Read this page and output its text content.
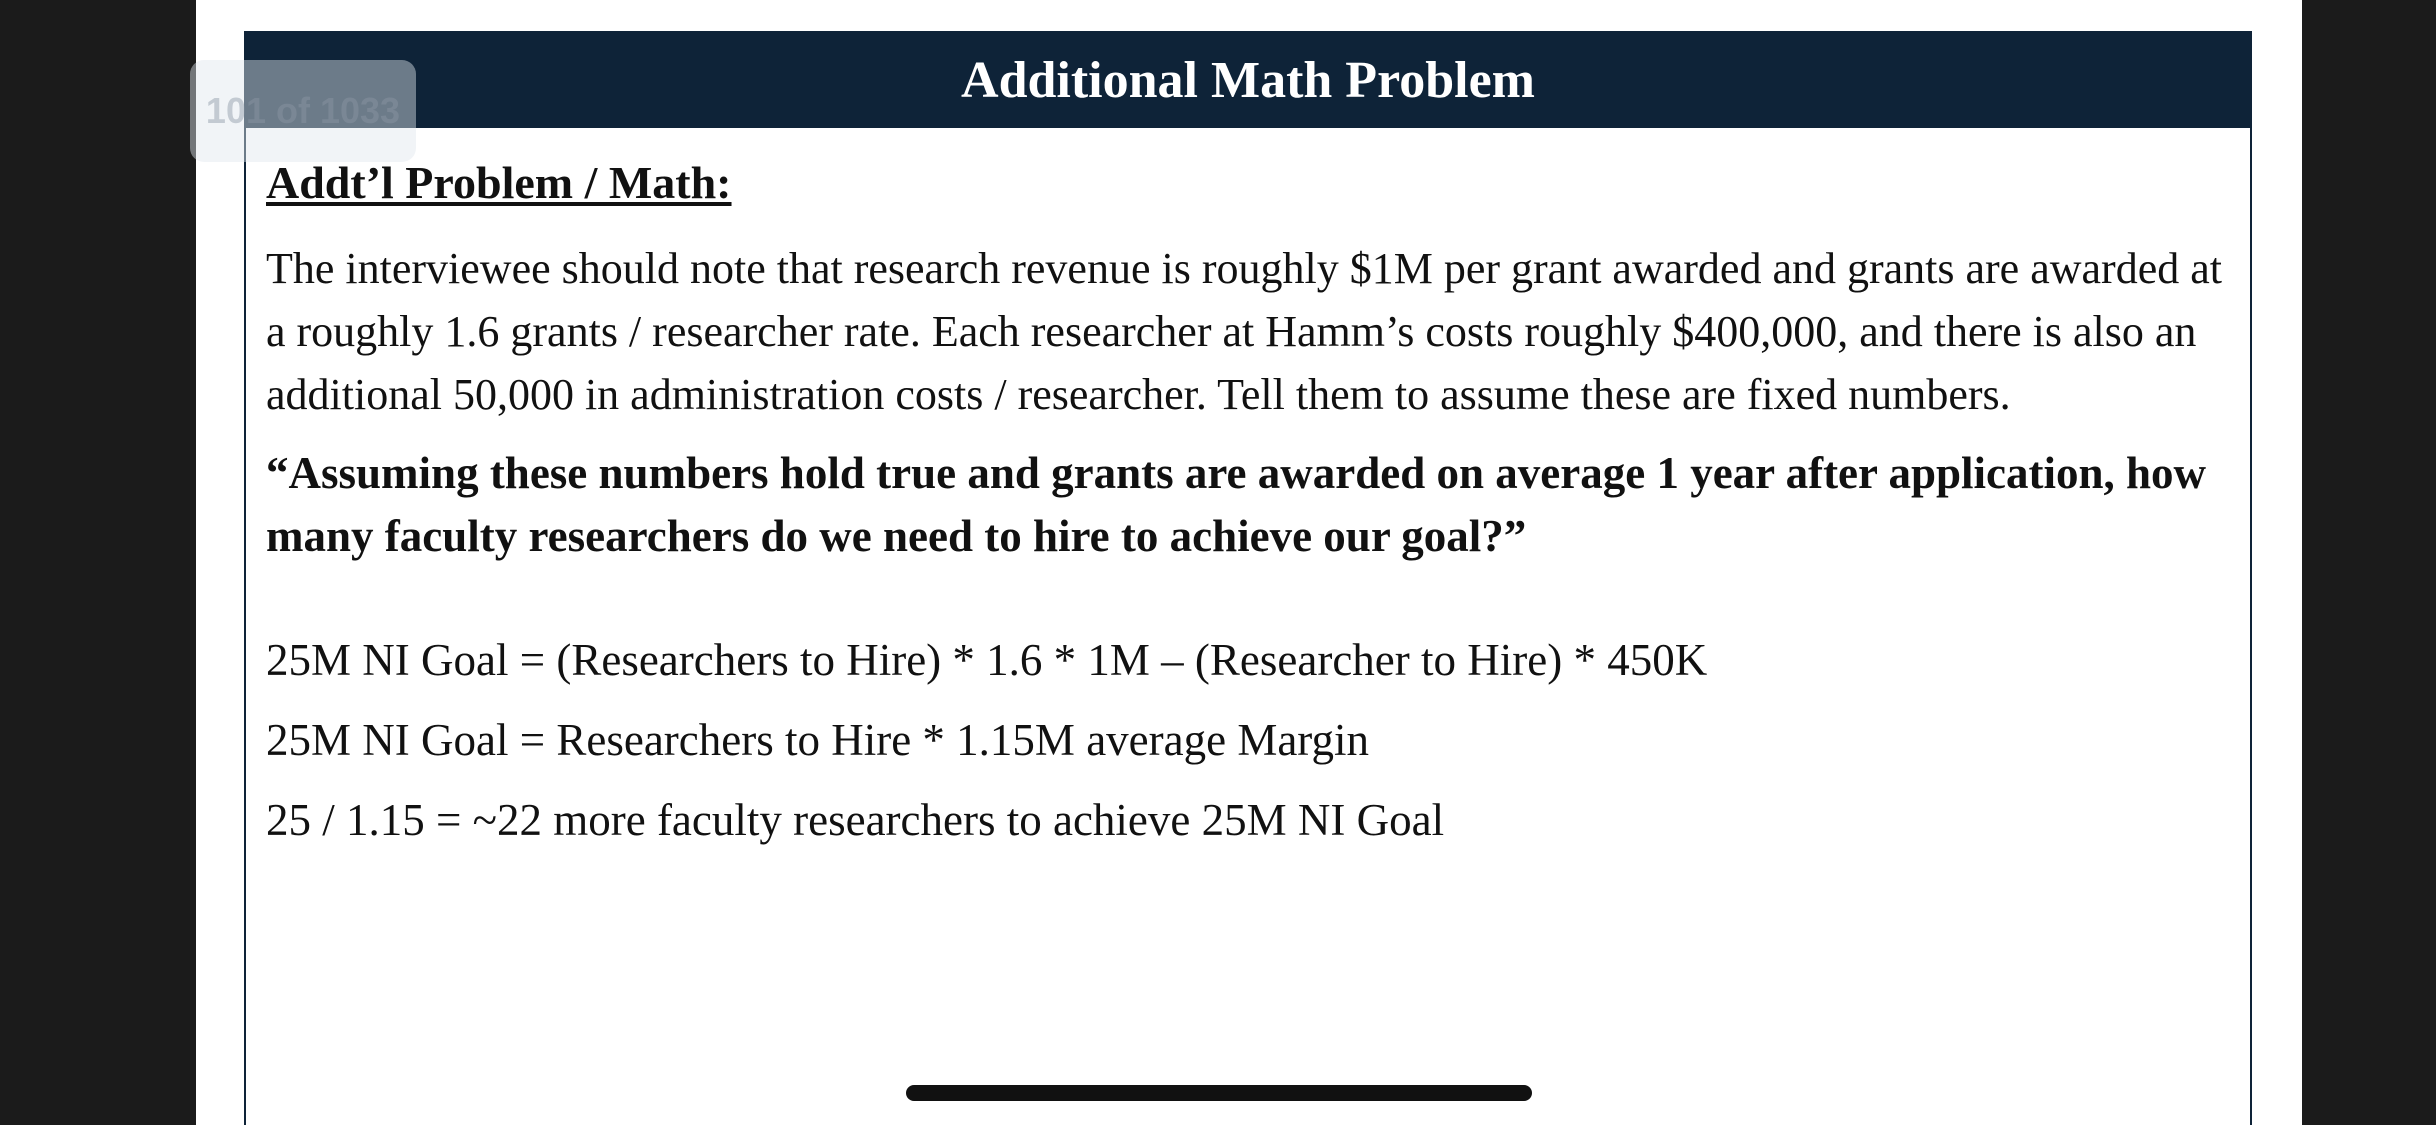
Additional Math Problem
Addt’l Problem / Math:
The interviewee should note that research revenue is roughly $1M per grant awarded and grants are awarded at a roughly 1.6 grants / researcher rate. Each researcher at Hamm’s costs roughly $400,000, and there is also an additional 50,000 in administration costs / researcher. Tell them to assume these are fixed numbers.
“Assuming these numbers hold true and grants are awarded on average 1 year after application, how many faculty researchers do we need to hire to achieve our goal?”
25M NI Goal = (Researchers to Hire) * 1.6 * 1M – (Researcher to Hire) * 450K
25M NI Goal = Researchers to Hire * 1.15M average Margin
25 / 1.15 = ~22 more faculty researchers to achieve 25M NI Goal
101 of 1033
